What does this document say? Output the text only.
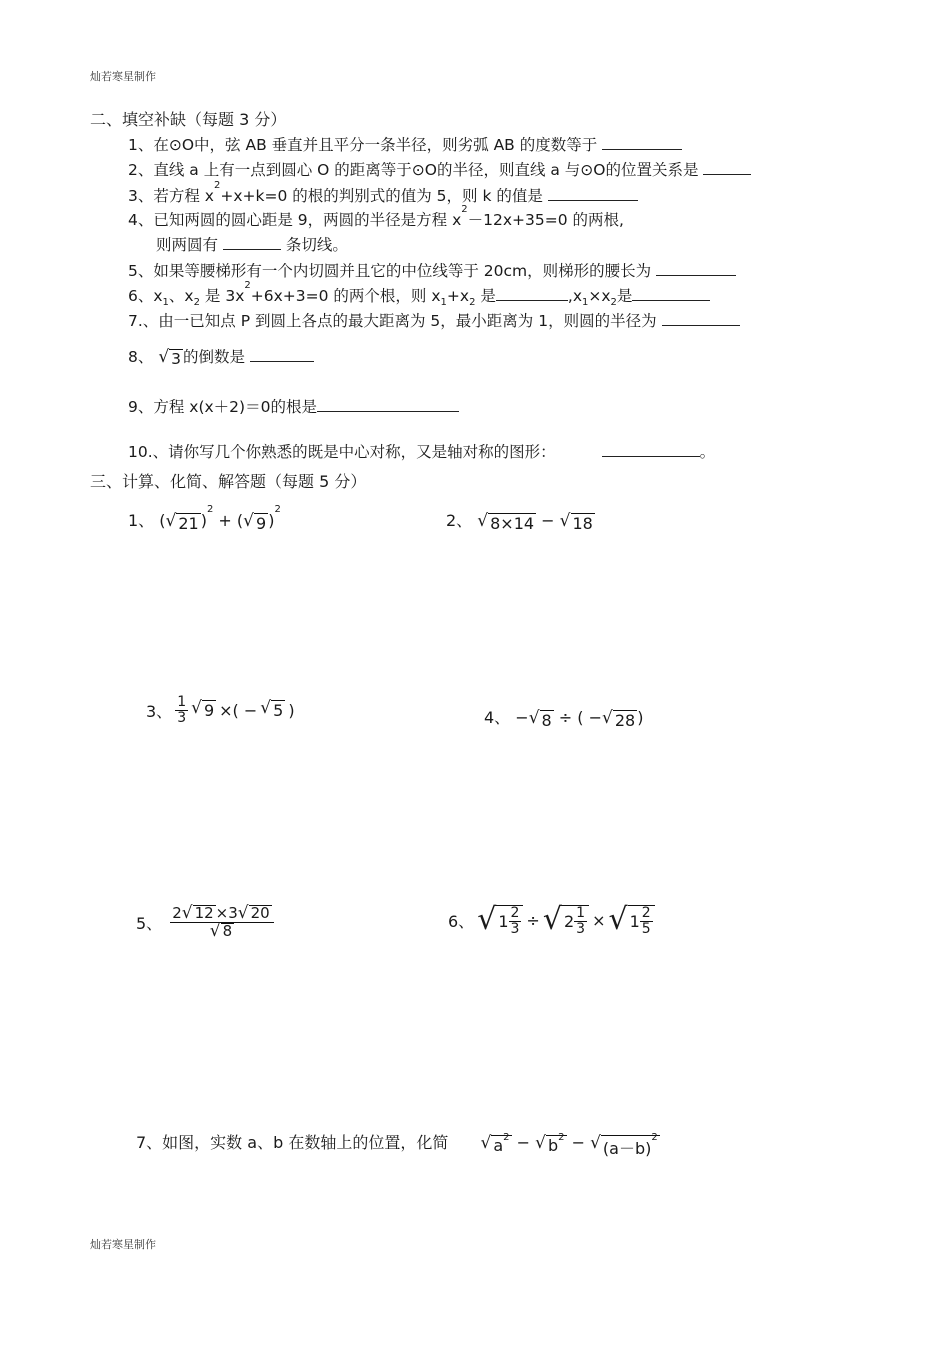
灿若寒星制作
二、填空补缺（每题 3 分）
1、在⊙O中，弦 AB 垂直并且平分一条半径，则劣弧 AB 的度数等于
2、直线 a 上有一点到圆心 O 的距离等于⊙O的半径，则直线 a 与⊙O的位置关系是
3、若方程 $x^2+x+k=0$ 的根的判别式的值为 5，则 k 的值是
4、已知两圆的圆心距是 9，两圆的半径是方程 $x^2-12x+35=0$ 的两根,
则两圆有	条切线。
5、如果等腰梯形有一个内切圆并且它的中位线等于 20cm，则梯形的腰长为
6、$x_1$、$x_2$ 是 $3x^2+6x+3=0$ 的两个根，则 $x_1+x_2$ 是	$,x_1\times x_2$是
7.、由一已知点 P 到圆上各点的最大距离为 5，最小距离为 1，则圆的半径为
8、 √ 3 的倒数是
9、方程 x(x＋2)＝0的根是
10.、请你写几个你熟悉的既是中心对称，又是轴对称的图形：	。
三、计算、化简、解答题（每题 5 分）
1、 ( √ 21 )$^2$ + ( √ 9 )$^2$
2、 √ 8×14 − √ 18
3、 $\frac{1}{3}$ √ 9 ×( − √ 5 )	4、 − √ 8 ÷ ( − √ 28 )
5、 $\frac{2 √ 12 \times 3 √ 20}{√ 8}$	6、 √ $1 \frac{2}{3}$ ÷ √ $2 \frac{1}{3}$ × √ $1 \frac{2}{5}$
7、如图，实数 a、b 在数轴上的位置，化简 √ $a^2$ − √ $b^2$ − √ $(a-b)^2$
灿若寒星制作
